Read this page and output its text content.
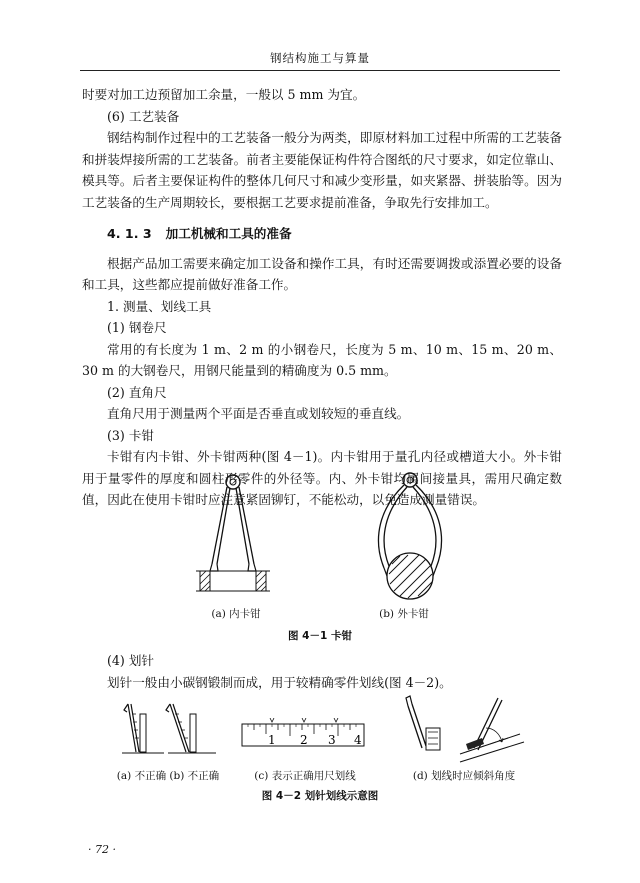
钢结构施工与算量

时要对加工边预留加工余量，一般以 5 mm 为宜。

(6) 工艺装备

钢结构制作过程中的工艺装备一般分为两类，即原材料加工过程中所需的工艺装备和拼装焊接所需的工艺装备。前者主要能保证构件符合图纸的尺寸要求，如定位靠山、模具等。后者主要保证构件的整体几何尺寸和减少变形量，如夹紧器、拼装胎等。因为工艺装备的生产周期较长，要根据工艺要求提前准备，争取先行安排加工。

4. 1. 3 加工机械和工具的准备

根据产品加工需要来确定加工设备和操作工具，有时还需要调拨或添置必要的设备和工具，这些都应提前做好准备工作。

1. 测量、划线工具

(1) 钢卷尺

常用的有长度为 1 m、2 m 的小钢卷尺，长度为 5 m、10 m、15 m、20 m、30 m 的大钢卷尺，用钢尺能量到的精确度为 0.5 mm。

(2) 直角尺

直角尺用于测量两个平面是否垂直或划较短的垂直线。

(3) 卡钳

卡钳有内卡钳、外卡钳两种(图 4－1)。内卡钳用于量孔内径或槽道大小。外卡钳用于量零件的厚度和圆柱形零件的外径等。内、外卡钳均属间接量具，需用尺确定数值，因此在使用卡钳时应注意紧固铆钉，不能松动，以免造成测量错误。

(a) 内卡钳	(b) 外卡钳
图 4－1 卡钳

(4) 划针

划针一般由小碳钢锻制而成，用于较精确零件划线(图 4－2)。

1 2 3 4
(a) 不正确 (b) 不正确	(c) 表示正确用尺划线	(d) 划线时应倾斜角度
图 4－2 划针划线示意图
· 72 ·
